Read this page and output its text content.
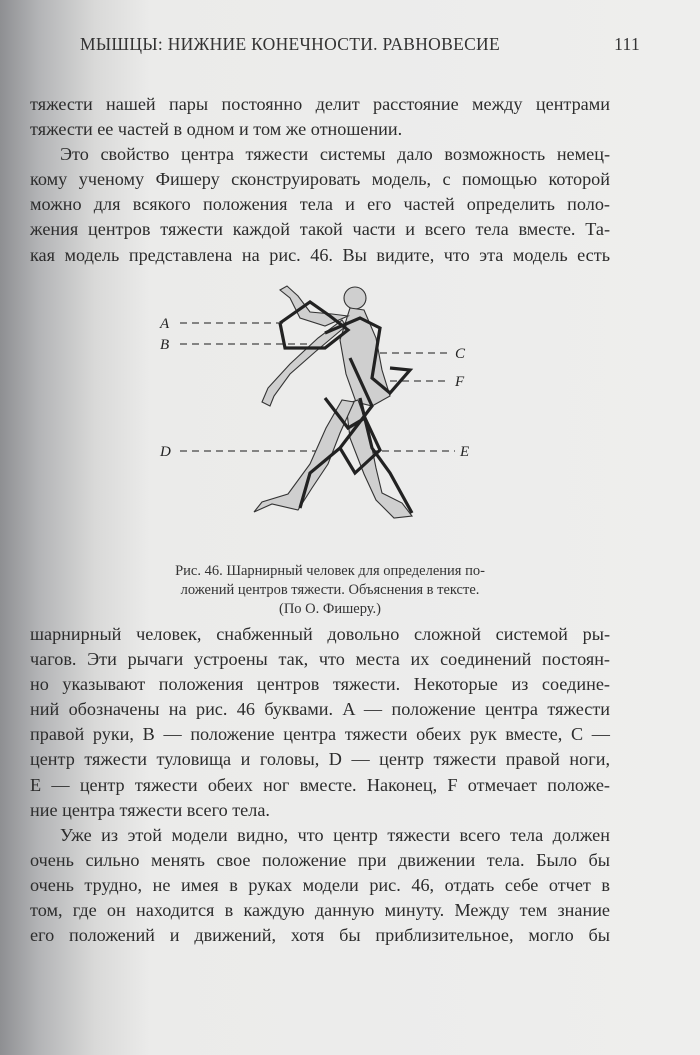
МЫШЦЫ: НИЖНИЕ КОНЕЧНОСТИ. РАВНОВЕСИЕ	111
тяжести нашей пары постоянно делит расстояние между центрами
тяжести ее частей в одном и том же отношении.
Это свойство центра тяжести системы дало возможность немец-
кому ученому Фишеру сконструировать модель, с помощью которой
можно для всякого положения тела и его частей определить поло-
жения центров тяжести каждой такой части и всего тела вместе. Та-
кая модель представлена на рис. 46. Вы видите, что эта модель есть
A
B
C
F
D	E
Рис. 46. Шарнирный человек для определения по-
ложений центров тяжести. Объяснения в тексте.
(По О. Фишеру.)
шарнирный человек, снабженный довольно сложной системой ры-
чагов. Эти рычаги устроены так, что места их соединений постоян-
но указывают положения центров тяжести. Некоторые из соедине-
ний обозначены на рис. 46 буквами. A — положение центра тяжести
правой руки, B — положение центра тяжести обеих рук вместе, C —
центр тяжести туловища и головы, D — центр тяжести правой ноги,
E — центр тяжести обеих ног вместе. Наконец, F отмечает положе-
ние центра тяжести всего тела.
Уже из этой модели видно, что центр тяжести всего тела должен
очень сильно менять свое положение при движении тела. Было бы
очень трудно, не имея в руках модели рис. 46, отдать себе отчет в
том, где он находится в каждую данную минуту. Между тем знание
его положений и движений, хотя бы приблизительное, могло бы
